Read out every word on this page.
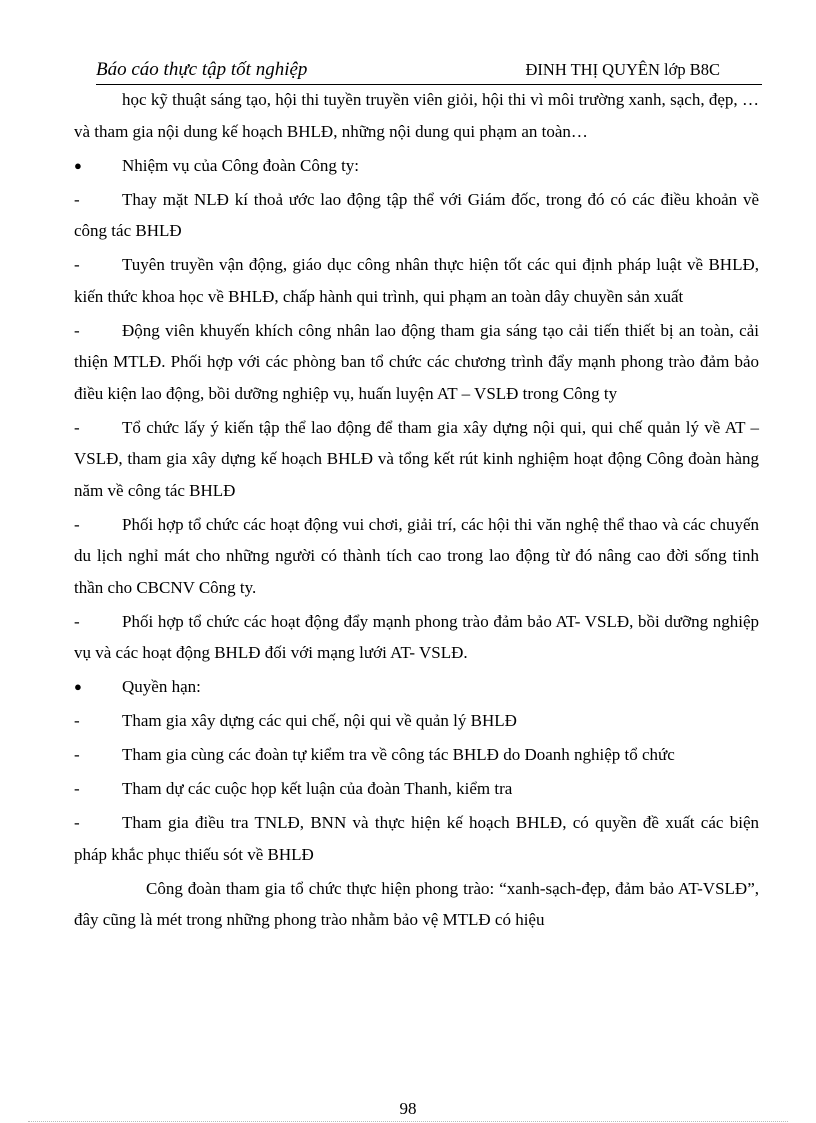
Báo cáo thực tập tốt nghiệp	ĐINH THỊ QUYÊN lớp B8C
học kỹ thuật sáng tạo, hội thi tuyền truyền viên giỏi, hội thi vì môi trường xanh, sạch, đẹp, …và tham gia nội dung kế hoạch BHLĐ, những nội dung qui phạm an toàn…
●	Nhiệm vụ của Công đoàn Công ty:
-	Thay mặt NLĐ kí thoả ước lao động tập thể với Giám đốc, trong đó có các điều khoản về công tác BHLĐ
-	Tuyên truyền vận động, giáo dục công nhân thực hiện tốt các qui định pháp luật về BHLĐ, kiến thức khoa học về BHLĐ, chấp hành qui trình, qui phạm an toàn dây chuyền sản xuất
-	Động viên khuyến khích công nhân lao động tham gia sáng tạo cải tiến thiết bị an toàn, cải thiện MTLĐ. Phối hợp với các phòng ban tổ chức các chương trình đẩy mạnh phong trào đảm bảo điều kiện lao động, bồi dưỡng nghiệp vụ, huấn luyện AT – VSLĐ trong Công ty
-	Tổ chức lấy ý kiến tập thể lao động để tham gia xây dựng nội qui, qui chế quản lý về AT – VSLĐ, tham gia xây dựng kế hoạch BHLĐ và tổng kết rút kinh nghiệm hoạt động Công đoàn hàng năm về công tác BHLĐ
-	Phối hợp tổ chức các hoạt động vui chơi, giải trí, các hội thi văn nghệ thể thao và các chuyến du lịch nghỉ mát cho những người có thành tích cao trong lao động từ đó nâng cao đời sống tinh thần cho CBCNV Công ty.
-	Phối hợp tổ chức các hoạt động đẩy mạnh phong trào đảm bảo AT- VSLĐ, bồi dưỡng nghiệp vụ và các hoạt động BHLĐ đối với mạng lưới AT- VSLĐ.
●	Quyền hạn:
-	Tham gia xây dựng các qui chế, nội qui về quản lý BHLĐ
-	Tham gia cùng các đoàn tự kiểm tra về công tác BHLĐ do Doanh nghiệp tổ chức
-	Tham dự các cuộc họp kết luận của đoàn Thanh, kiểm tra
-	Tham gia điều tra TNLĐ, BNN và thực hiện kế hoạch BHLĐ, có quyền đề xuất các biện pháp khắc phục thiếu sót về BHLĐ
Công đoàn tham gia tổ chức thực hiện phong trào: “xanh-sạch-đẹp, đảm bảo AT-VSLĐ”, đây cũng là mét trong những phong trào nhằm bảo vệ MTLĐ có hiệu
98
